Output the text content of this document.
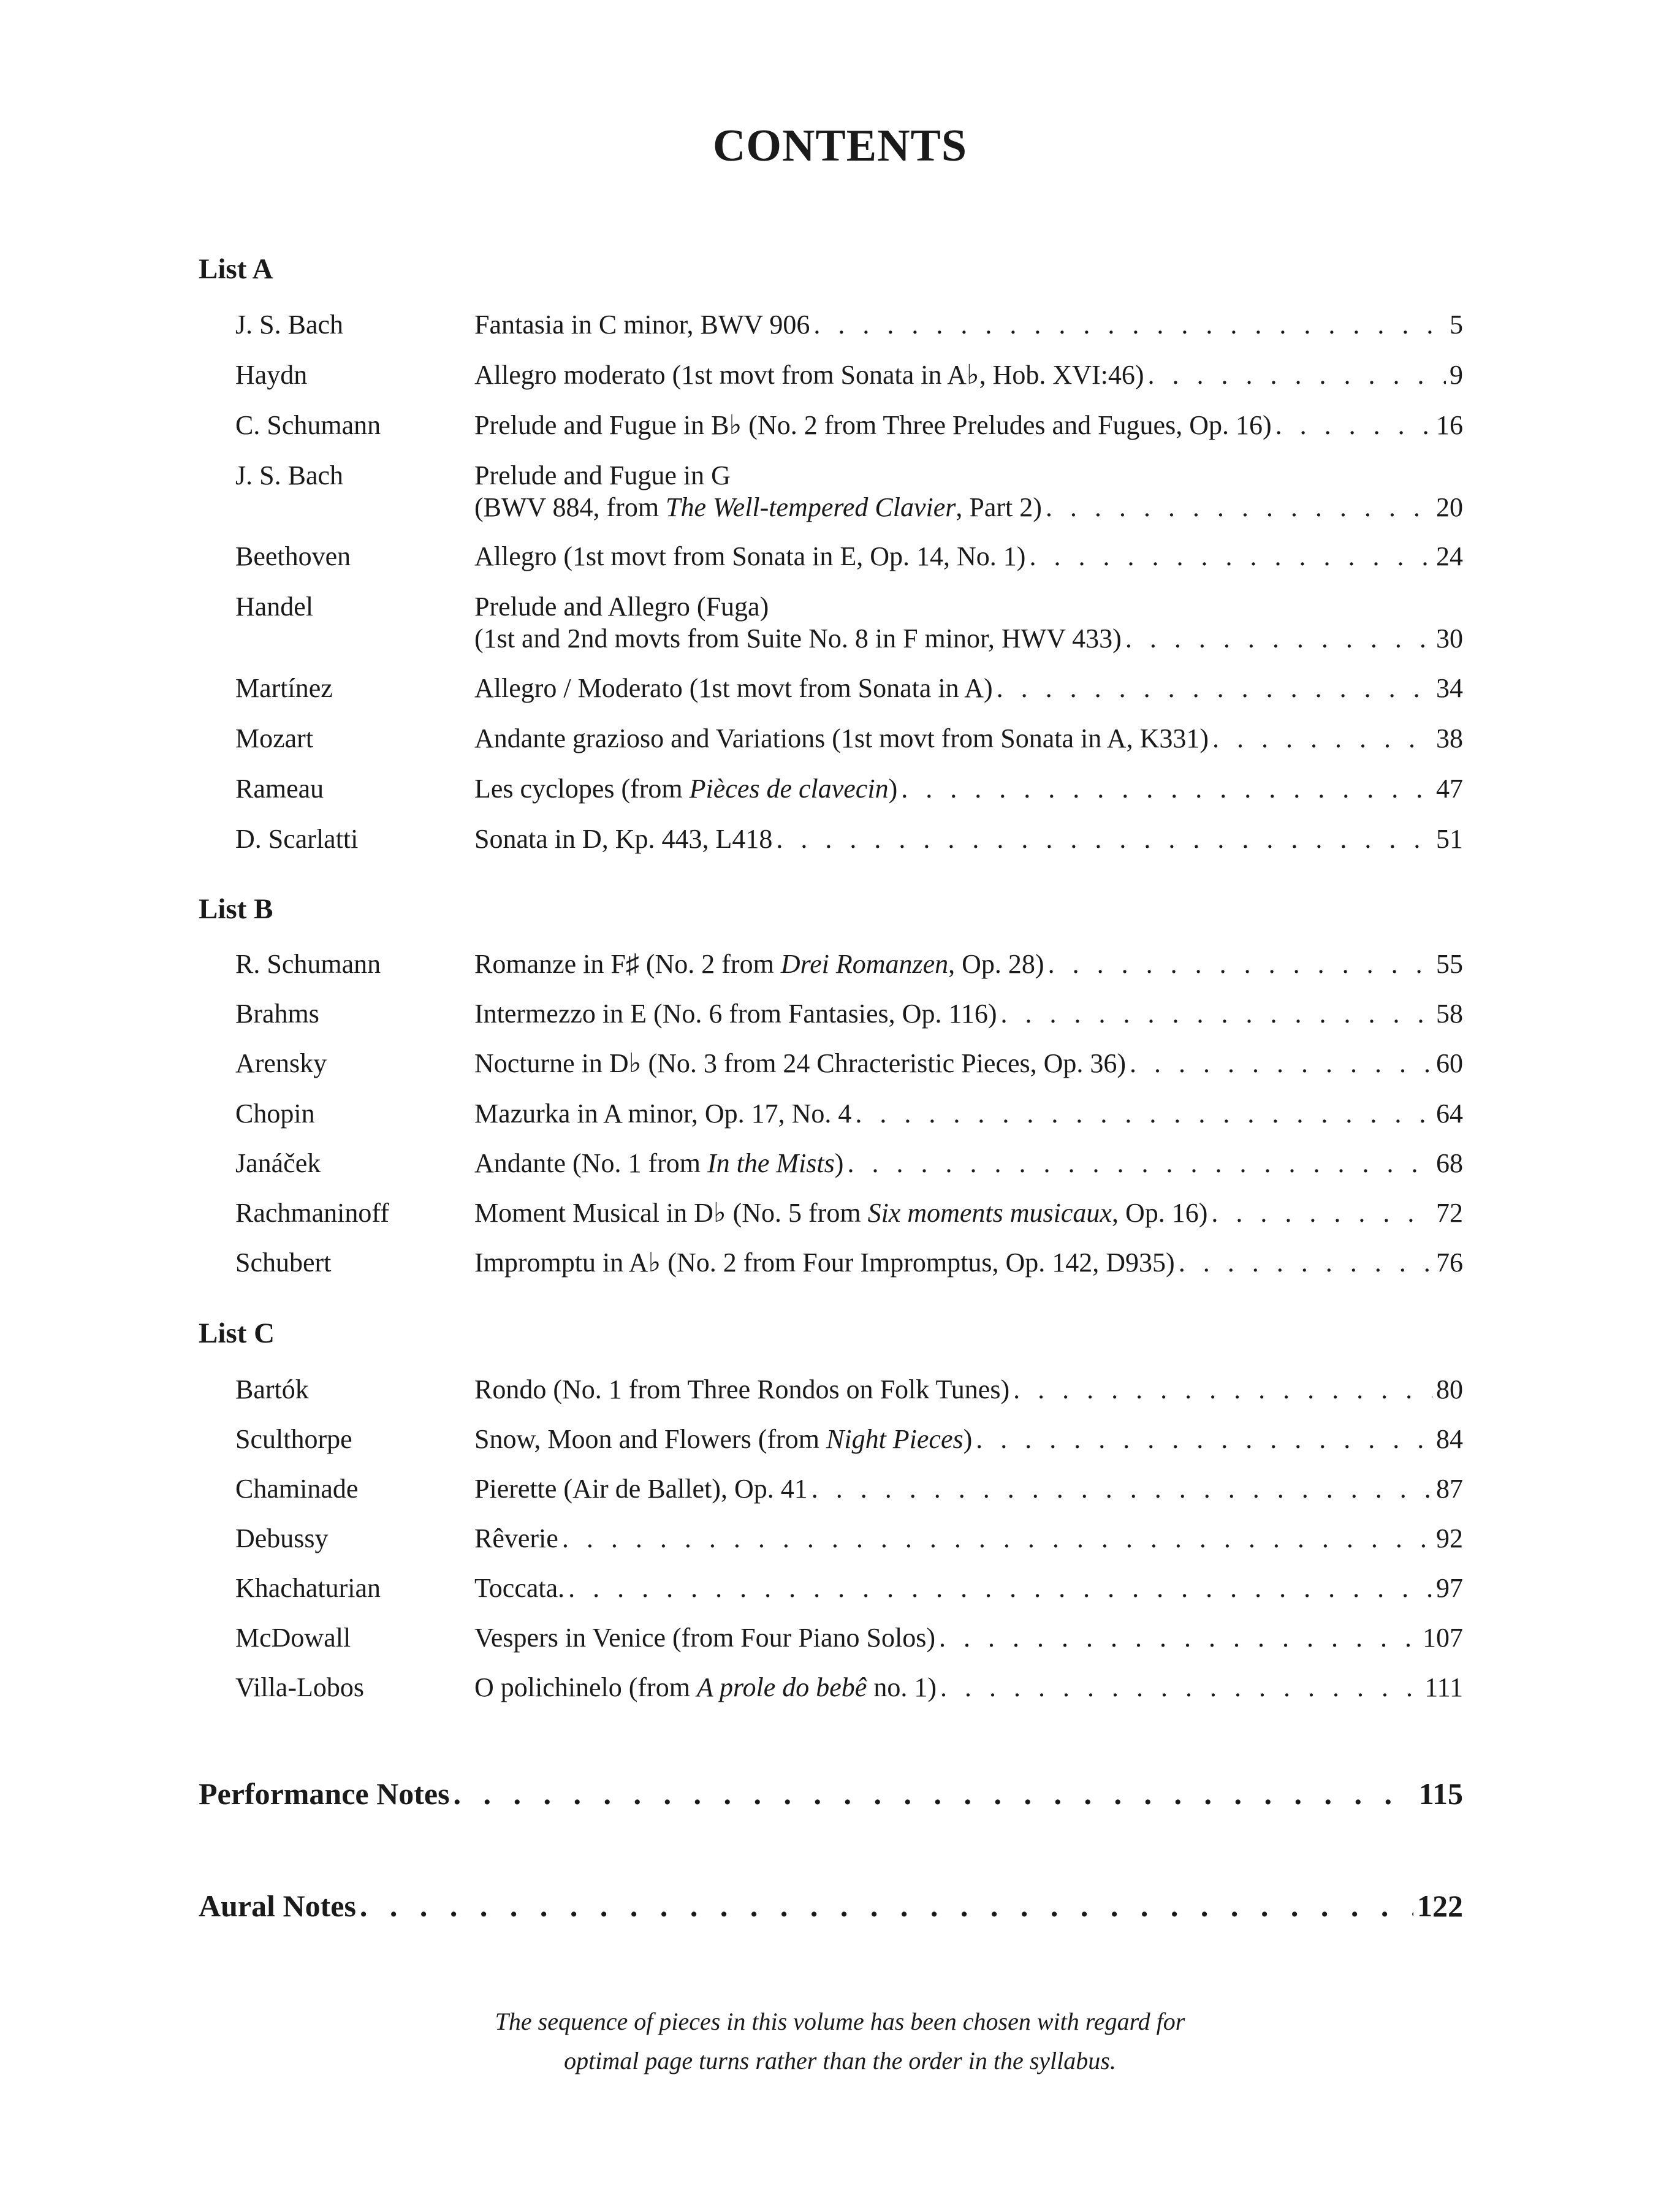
CONTENTS
List A
J. S. Bach	Fantasia in C minor, BWV 906 . . .	5
Haydn	Allegro moderato (1st movt from Sonata in A♭, Hob. XVI:46) . . .	9
C. Schumann	Prelude and Fugue in B♭ (No. 2 from Three Preludes and Fugues, Op. 16) . . .	16
J. S. Bach	Prelude and Fugue in G
(BWV 884, from The Well-tempered Clavier, Part 2) . . .	20
Beethoven	Allegro (1st movt from Sonata in E, Op. 14, No. 1) . . .	24
Handel	Prelude and Allegro (Fuga)
(1st and 2nd movts from Suite No. 8 in F minor, HWV 433) . . .	30
Martínez	Allegro / Moderato (1st movt from Sonata in A) . . .	34
Mozart	Andante grazioso and Variations (1st movt from Sonata in A, K331) . . .	38
Rameau	Les cyclopes (from Pièces de clavecin) . . .	47
D. Scarlatti	Sonata in D, Kp. 443, L418 . . .	51
List B
R. Schumann	Romanze in F♯ (No. 2 from Drei Romanzen, Op. 28) . . .	55
Brahms	Intermezzo in E (No. 6 from Fantasies, Op. 116) . . .	58
Arensky	Nocturne in D♭ (No. 3 from 24 Chracteristic Pieces, Op. 36) . . .	60
Chopin	Mazurka in A minor, Op. 17, No. 4 . . .	64
Janáček	Andante (No. 1 from In the Mists) . . .	68
Rachmaninoff	Moment Musical in D♭ (No. 5 from Six moments musicaux, Op. 16) . . .	72
Schubert	Impromptu in A♭ (No. 2 from Four Impromptus, Op. 142, D935) . . .	76
List C
Bartók	Rondo (No. 1 from Three Rondos on Folk Tunes) . . .	80
Sculthorpe	Snow, Moon and Flowers (from Night Pieces) . . .	84
Chaminade	Pierette (Air de Ballet), Op. 41 . . .	87
Debussy	Rêverie . . .	92
Khachaturian	Toccata. . . .	97
McDowall	Vespers in Venice (from Four Piano Solos) . . .	107
Villa-Lobos	O polichinelo (from A prole do bebê no. 1) . . .	111
Performance Notes . . .	115
Aural Notes . . .	122
The sequence of pieces in this volume has been chosen with regard for
optimal page turns rather than the order in the syllabus.
